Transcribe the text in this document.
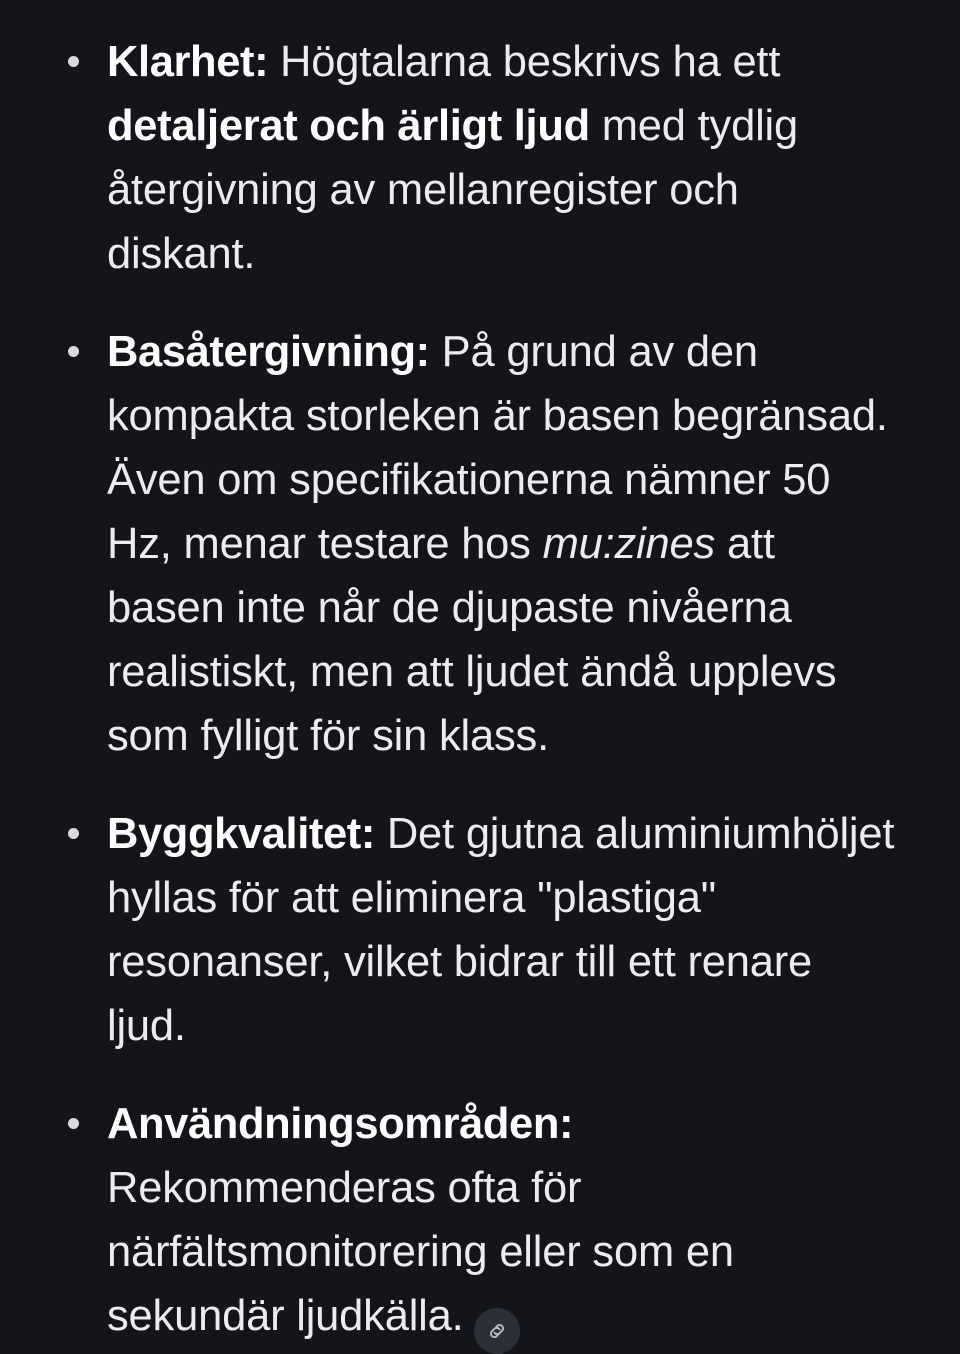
Klarhet: Högtalarna beskrivs ha ett detaljerat och ärligt ljud med tydlig återgivning av mellanregister och diskant.
Basåtergivning: På grund av den kompakta storleken är basen begränsad. Även om specifikationerna nämner 50 Hz, menar testare hos mu:zines att basen inte når de djupaste nivåerna realistiskt, men att ljudet ändå upplevs som fylligt för sin klass.
Byggkvalitet: Det gjutna aluminiumhöljet hyllas för att eliminera "plastiga" resonanser, vilket bidrar till ett renare ljud.
Användningsområden: Rekommenderas ofta för närfältsmonitorering eller som en sekundär ljudkälla.
